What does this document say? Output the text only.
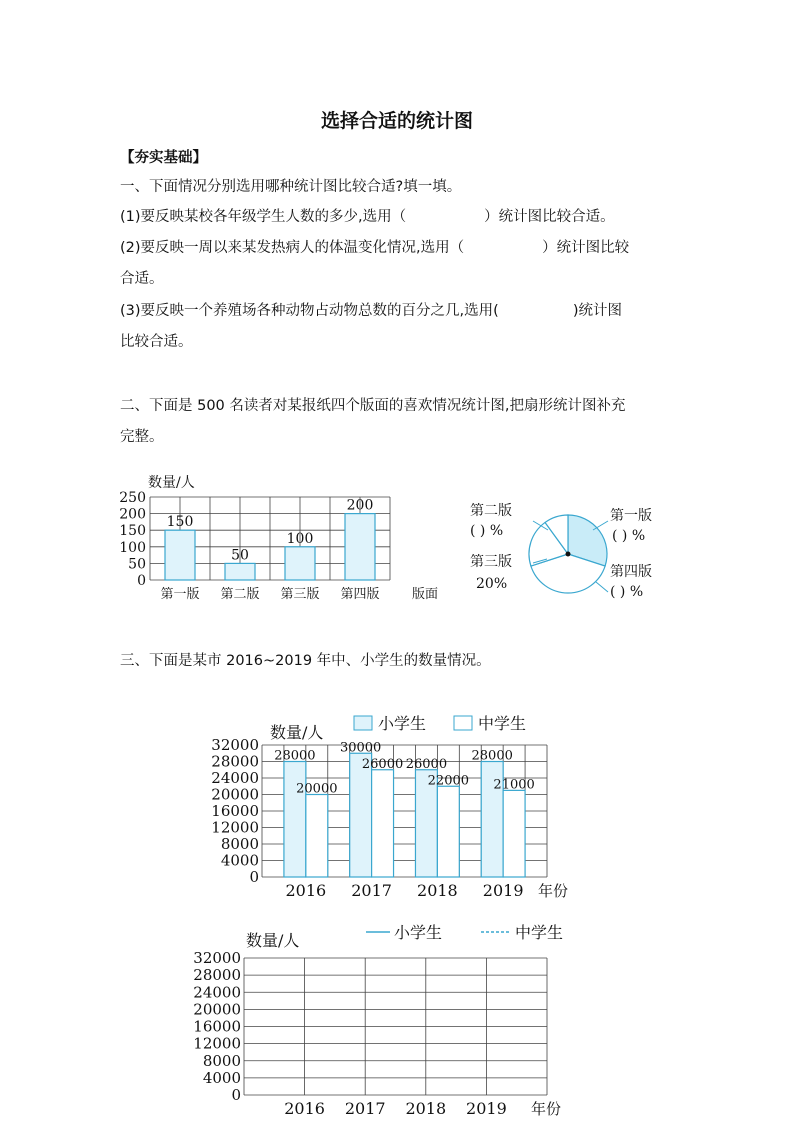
选择合适的统计图
【夯实基础】
一、下面情况分别选用哪种统计图比较合适?填一填。
(1)要反映某校各年级学生人数的多少,选用（	）统计图比较合适。
(2)要反映一周以来某发热病人的体温变化情况,选用（	）统计图比较
合适。
(3)要反映一个养殖场各种动物占动物总数的百分之几,选用(	)统计图
比较合适。
二、下面是 500 名读者对某报纸四个版面的喜欢情况统计图,把扇形统计图补充
完整。
三、下面是某市 2016~2019 年中、小学生的数量情况。
数量/人
版面
0
50
100
150
200
250
150
第一版
50
第二版
100
第三版
200
第四版
第二版
( ) %
第一版
( ) %
第三版
20%
第四版
( ) %
数量/人	小学生	中学生
年份
0
4000
8000
12000
16000
20000
24000
28000
32000
28000
20000
2016
30000
26000
2017
26000
22000
2018
28000
21000
2019
数量/人	小学生	中学生
年份
0
4000
8000
12000
16000
20000
24000
28000
32000
2016 2017 2018 2019
